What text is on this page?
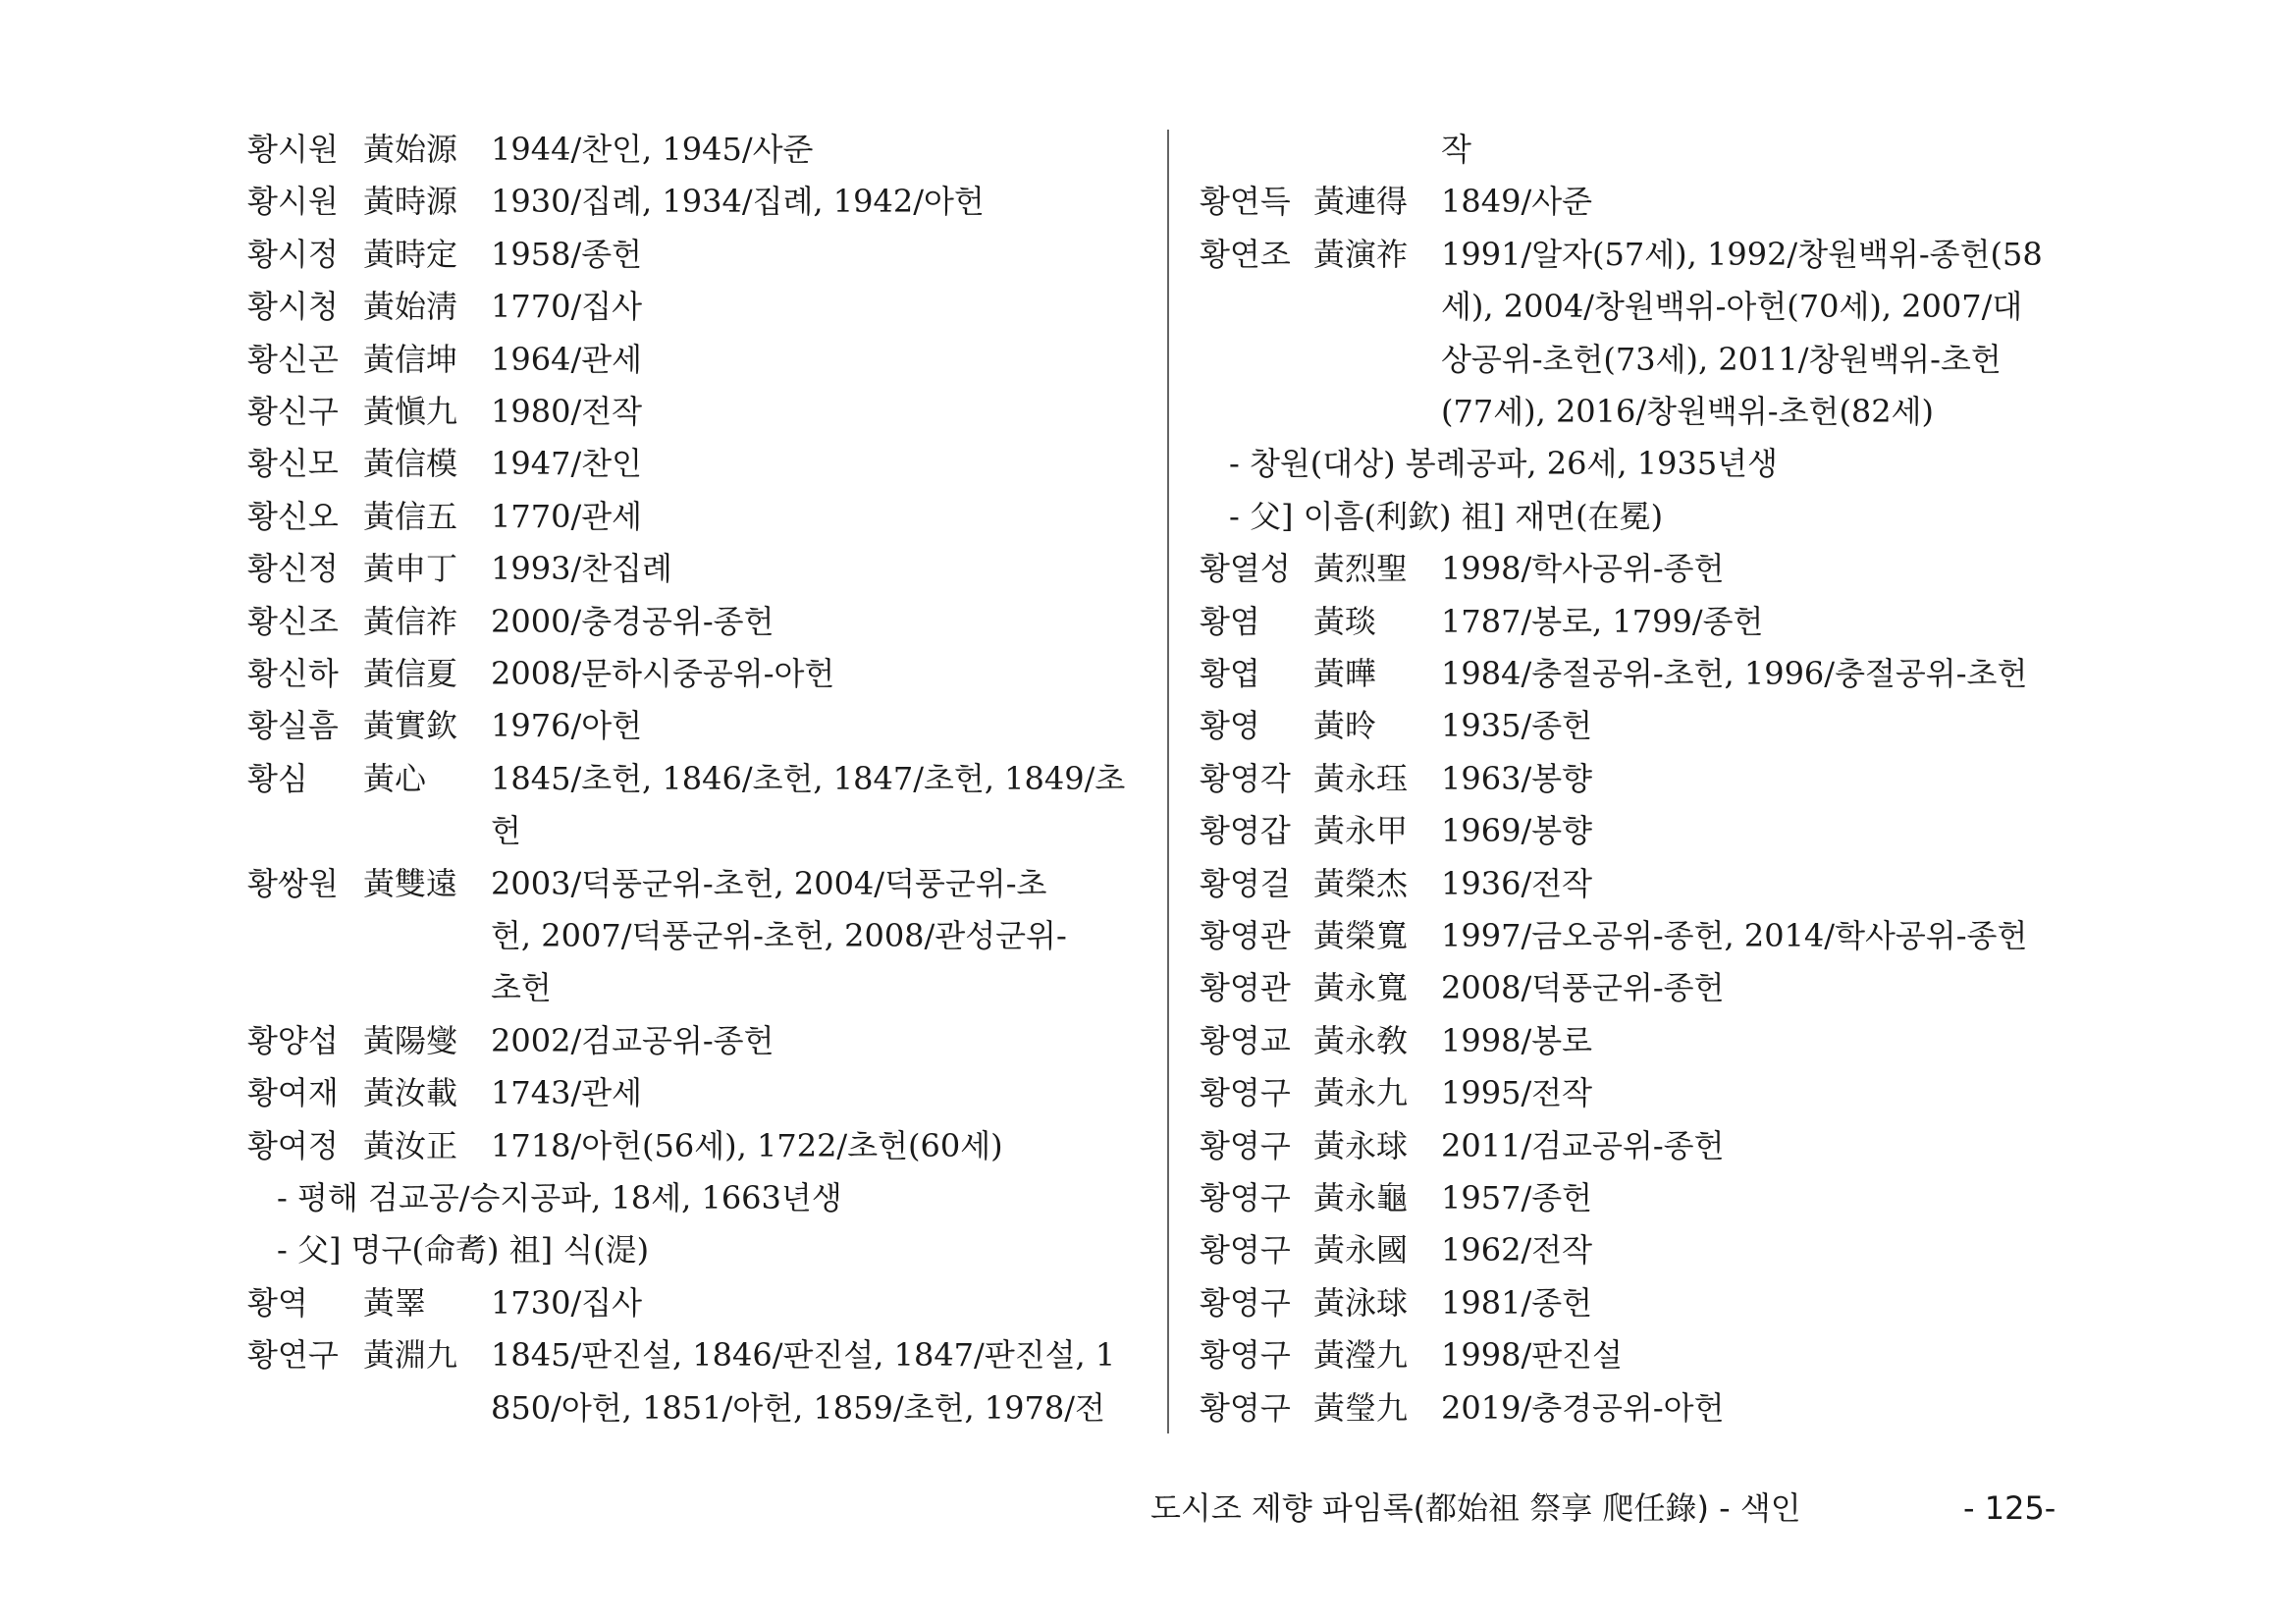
황시원 黃始源 1944/찬인, 1945/사준
황시원 黃時源 1930/집례, 1934/집례, 1942/아헌
황시정 黃時定 1958/종헌
황시청 黃始淸 1770/집사
황신곤 黃信坤 1964/관세
황신구 黃愼九 1980/전작
황신모 黃信模 1947/찬인
황신오 黃信五 1770/관세
황신정 黃申丁 1993/찬집례
황신조 黃信祚 2000/충경공위-종헌
황신하 黃信夏 2008/문하시중공위-아헌
황실흠 黃實欽 1976/아헌
황심 黃心 1845/초헌, 1846/초헌, 1847/초헌, 1849/초
헌
황쌍원 黃雙遠 2003/덕풍군위-초헌, 2004/덕풍군위-초
헌, 2007/덕풍군위-초헌, 2008/관성군위-
초헌
황양섭 黃陽燮 2002/검교공위-종헌
황여재 黃汝載 1743/관세
황여정 黃汝正 1718/아헌(56세), 1722/초헌(60세)
- 평해 검교공/승지공파, 18세, 1663년생
- 父] 명구(命耉) 祖] 식(湜)
황역 黃睪 1730/집사
황연구 黃淵九 1845/판진설, 1846/판진설, 1847/판진설, 1
850/아헌, 1851/아헌, 1859/초헌, 1978/전
작
황연득 黃連得 1849/사준
황연조 黃演祚 1991/알자(57세), 1992/창원백위-종헌(58
세), 2004/창원백위-아헌(70세), 2007/대
상공위-초헌(73세), 2011/창원백위-초헌
(77세), 2016/창원백위-초헌(82세)
- 창원(대상) 봉례공파, 26세, 1935년생
- 父] 이흠(利欽) 祖] 재면(在冕)
황열성 黃烈聖 1998/학사공위-종헌
황염 黃琰 1787/봉로, 1799/종헌
황엽 黃曄 1984/충절공위-초헌, 1996/충절공위-초헌
황영 黃昤 1935/종헌
황영각 黃永珏 1963/봉향
황영갑 黃永甲 1969/봉향
황영걸 黃榮杰 1936/전작
황영관 黃榮寬 1997/금오공위-종헌, 2014/학사공위-종헌
황영관 黃永寬 2008/덕풍군위-종헌
황영교 黃永敎 1998/봉로
황영구 黃永九 1995/전작
황영구 黃永球 2011/검교공위-종헌
황영구 黃永龜 1957/종헌
황영구 黃永國 1962/전작
황영구 黃泳球 1981/종헌
황영구 黃瀅九 1998/판진설
황영구 黃瑩九 2019/충경공위-아헌
도시조 제향 파임록(都始祖 祭享 爬任錄) - 색인	- 125-
